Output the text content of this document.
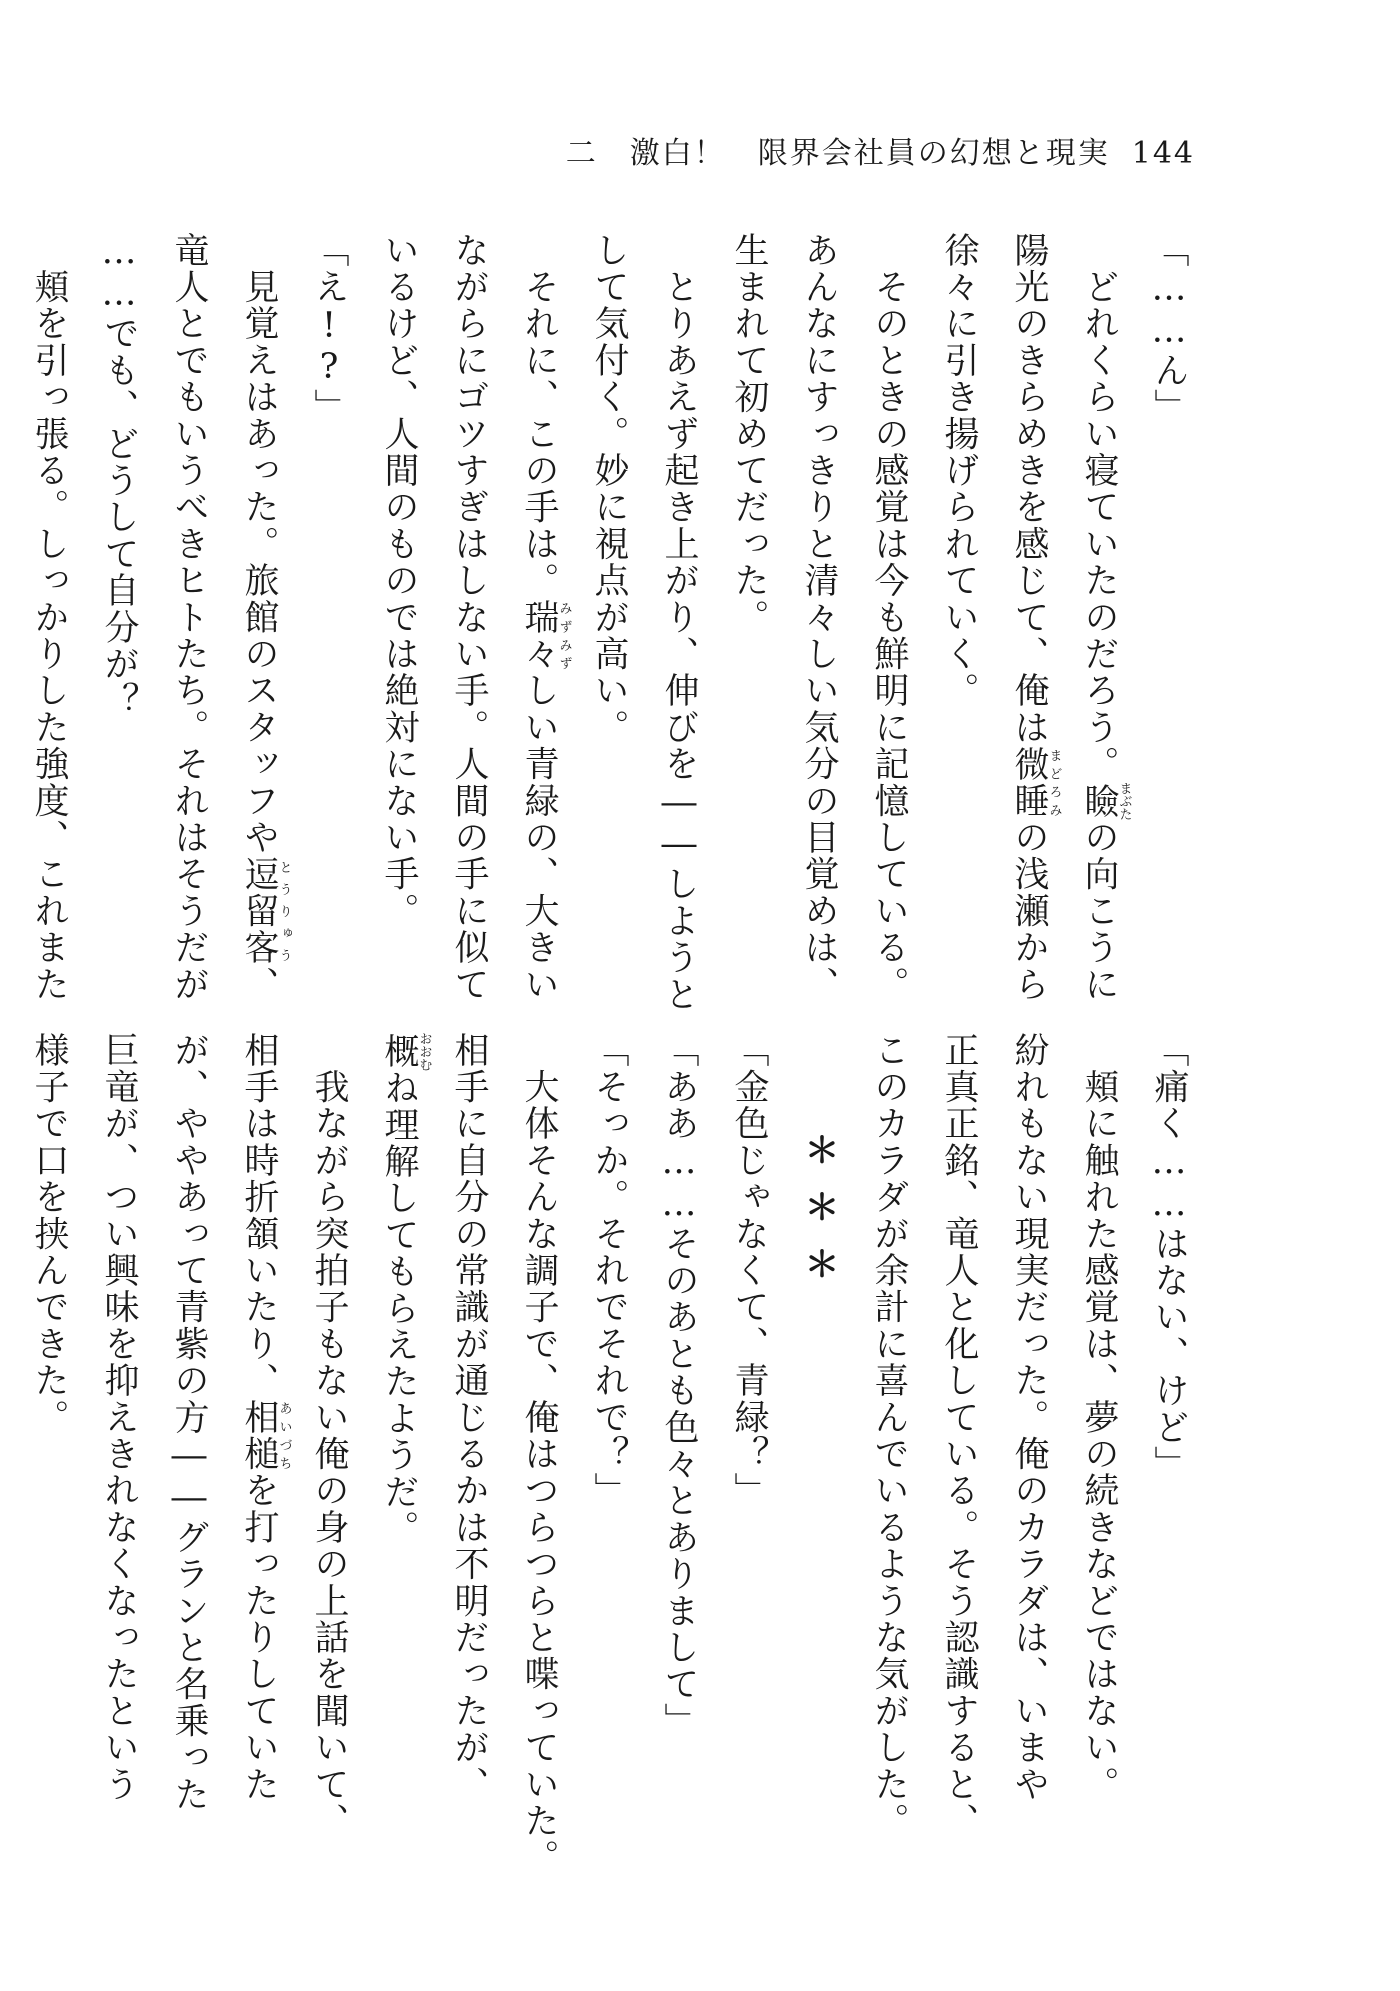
二　激白！　限界会社員の幻想と現実 144
「……ん」
　どれくらい寝ていたのだろう。瞼まぶたの向こうに
陽光のきらめきを感じて、俺は微睡まどろみの浅瀬から
徐々に引き揚げられていく。
　そのときの感覚は今も鮮明に記憶している。
あんなにすっきりと清々しい気分の目覚めは、
生まれて初めてだった。
　とりあえず起き上がり、伸びを――しようと
して気付く。妙に視点が高い。
　それに、この手は。瑞々みずみずしい青緑の、大きい
ながらにゴツすぎはしない手。人間の手に似て
いるけど、人間のものでは絶対にない手。
「え!?」
　見覚えはあった。旅館のスタッフや逗留客とうりゅう、
竜人とでもいうべきヒトたち。それはそうだが
……でも、どうして自分が？
　頬を引っ張る。しっかりした強度、これまた
「痛く……はない、けど」
　頬に触れた感覚は、夢の続きなどではない。
紛れもない現実だった。俺のカラダは、いまや
正真正銘、竜人と化している。そう認識すると、
このカラダが余計に喜んでいるような気がした。
＊＊＊
「金色じゃなくて、青緑？」
「ああ……そのあとも色々とありまして」
「そっか。それでそれで？」
　大体そんな調子で、俺はつらつらと喋っていた。
相手に自分の常識が通じるかは不明だったが、
概おおむね理解してもらえたようだ。
　我ながら突拍子もない俺の身の上話を聞いて、
相手は時折頷いたり、相槌あいづちを打ったりしていた
が、ややあって青紫の方――グランと名乗った
巨竜が、つい興味を抑えきれなくなったという
様子で口を挟んできた。
